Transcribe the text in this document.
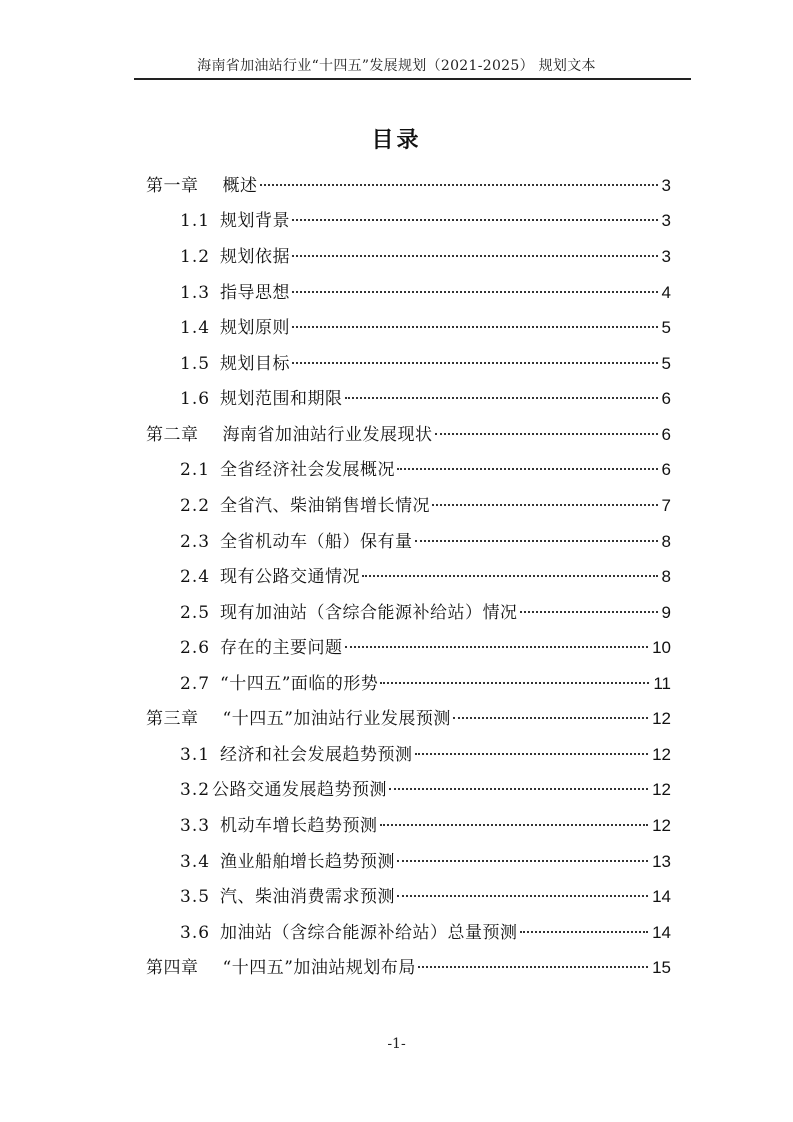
海南省加油站行业“十四五”发展规划（2021-2025） 规划文本
目录
第一章 概述	3
1.1 规划背景	3
1.2 规划依据	3
1.3 指导思想	4
1.4 规划原则	5
1.5 规划目标	5
1.6 规划范围和期限	6
第二章 海南省加油站行业发展现状	6
2.1 全省经济社会发展概况	6
2.2 全省汽、柴油销售增长情况	7
2.3 全省机动车（船）保有量	8
2.4 现有公路交通情况	8
2.5 现有加油站（含综合能源补给站）情况	9
2.6 存在的主要问题	10
2.7 “十四五”面临的形势	11
第三章 “十四五”加油站行业发展预测	12
3.1 经济和社会发展趋势预测	12
3.2 公路交通发展趋势预测	12
3.3 机动车增长趋势预测	12
3.4 渔业船舶增长趋势预测	13
3.5 汽、柴油消费需求预测	14
3.6 加油站（含综合能源补给站）总量预测	14
第四章 “十四五”加油站规划布局	15
-1-
